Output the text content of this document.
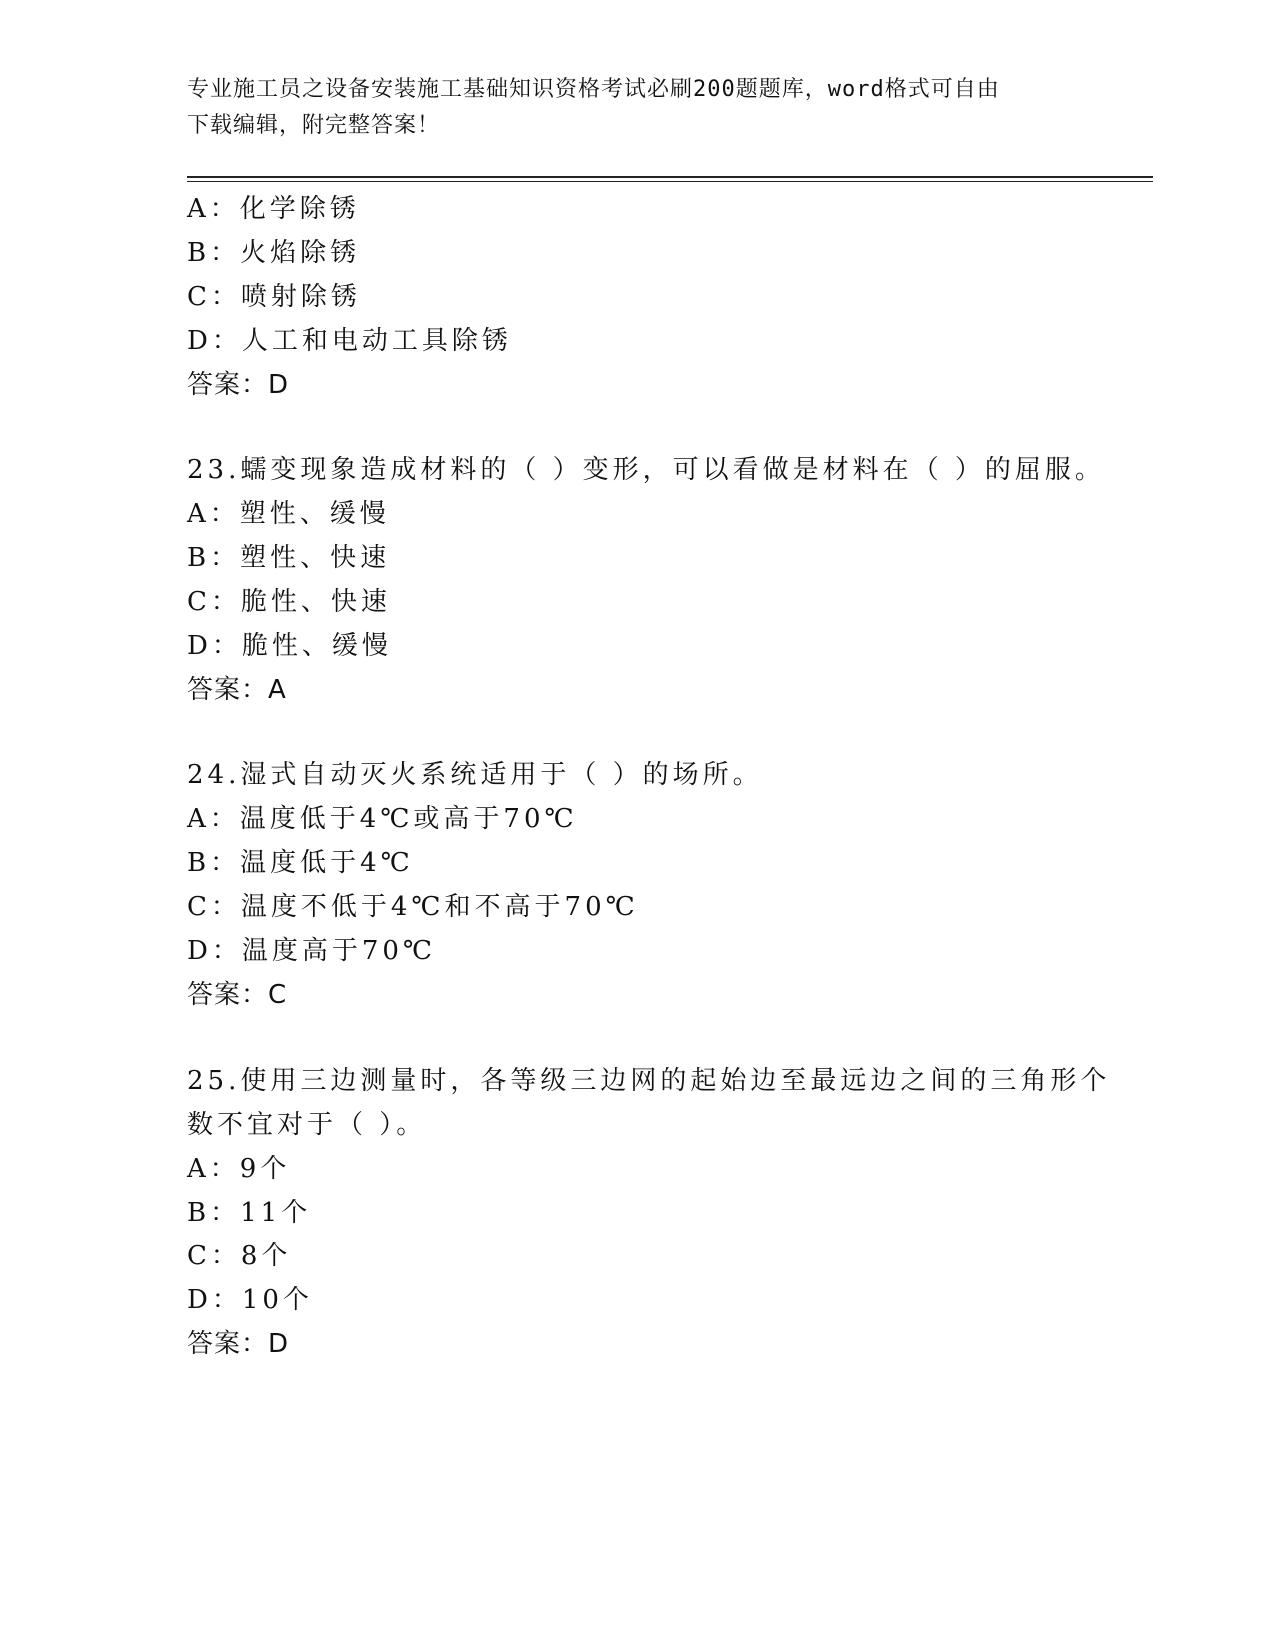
专业施工员之设备安装施工基础知识资格考试必刷200题题库，word格式可自由
下载编辑，附完整答案！
A：化学除锈
B：火焰除锈
C：喷射除锈
D：人工和电动工具除锈
答案：D
23.蠕变现象造成材料的（ ）变形，可以看做是材料在（ ）的屈服。
A：塑性、缓慢
B：塑性、快速
C：脆性、快速
D：脆性、缓慢
答案：A
24.湿式自动灭火系统适用于（ ）的场所。
A：温度低于4℃或高于70℃
B：温度低于4℃
C：温度不低于4℃和不高于70℃
D：温度高于70℃
答案：C
25.使用三边测量时，各等级三边网的起始边至最远边之间的三角形个
数不宜对于（ ）。
A：9个
B：11个
C：8个
D：10个
答案：D
